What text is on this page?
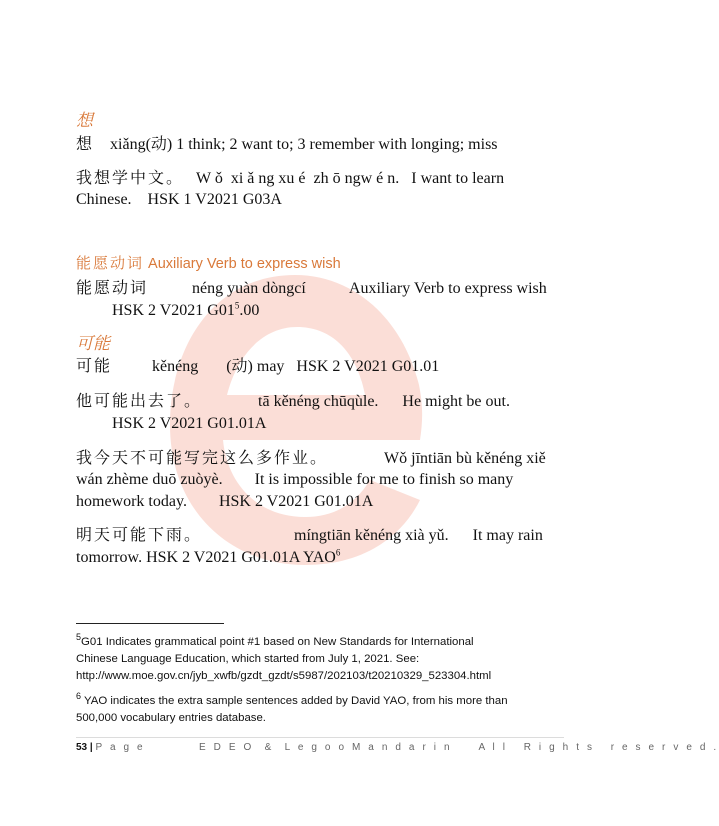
想
想 xiǎng(动) 1 think; 2 want to; 3 remember with longing; miss
我想学中文。 W ǒ  xi ǎ ng xu é  zh ō ngw é n.   I want to learn
Chinese.    HSK 1 V2021 G03A
能愿动词 Auxiliary Verb to express wish
能愿动词           néng yuàn dòngcí           Auxiliary Verb to express wish
HSK 2 V2021 $G01^5.00$
可能
可能          kěnéng       (动) may   HSK 2 V2021 G01.01
他可能出去了。              tā kěnéng chūqùle.      He might be out.
HSK 2 V2021 G01.01A
我今天不可能写完这么多作业。              Wǒ jīntiān bù kěnéng xiě
wán zhème duō zuòyè.        It is impossible for me to finish so many
homework today.        HSK 2 V2021 G01.01A
明天可能下雨。                       míngtiān kěnéng xià yǔ.      It may rain
tomorrow. HSK 2 V2021 G01.01A YAO$^6$
$^5$G01 Indicates grammatical point #1 based on New Standards for International
Chinese Language Education, which started from July 1, 2021. See:
http://www.moe.gov.cn/jyb_xwfb/gzdt_gzdt/s5987/202103/t20210329_523304.html
$^6$ YAO indicates the extra sample sentences added by David YAO, from his more than
500,000 vocabulary entries database.
53 | P a g e	E D E O  &  L e g o o M a n d a r i n     A l l   R i g h t s   r e s e r v e d .
